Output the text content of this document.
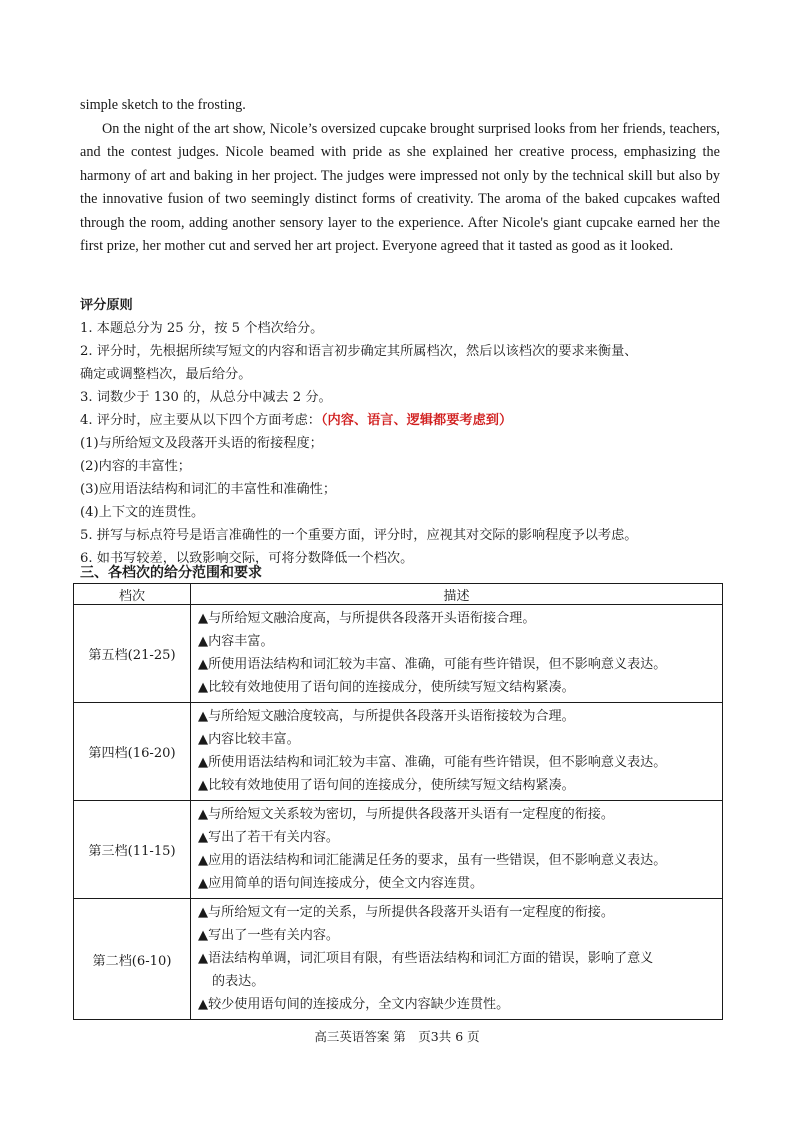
simple sketch to the frosting.

On the night of the art show, Nicole’s oversized cupcake brought surprised looks from her friends, teachers, and the contest judges. Nicole beamed with pride as she explained her creative process, emphasizing the harmony of art and baking in her project. The judges were impressed not only by the technical skill but also by the innovative fusion of two seemingly distinct forms of creativity. The aroma of the baked cupcakes wafted through the room, adding another sensory layer to the experience. After Nicole's giant cupcake earned her the first prize, her mother cut and served her art project. Everyone agreed that it tasted as good as it looked.

评分原则
1. 本题总分为 25 分，按 5 个档次给分。
2. 评分时，先根据所续写短文的内容和语言初步确定其所属档次，然后以该档次的要求来衡量、
确定或调整档次，最后给分。
3. 词数少于 130 的，从总分中减去 2 分。
4. 评分时，应主要从以下四个方面考虑：（内容、语言、逻辑都要考虑到）
(1)与所给短文及段落开头语的衔接程度；
(2)内容的丰富性；
(3)应用语法结构和词汇的丰富性和准确性；
(4)上下文的连贯性。
5. 拼写与标点符号是语言准确性的一个重要方面，评分时，应视其对交际的影响程度予以考虑。
6. 如书写较差，以致影响交际，可将分数降低一个档次。
三、各档次的给分范围和要求
档次	描述
第五档(21-25)	▲与所给短文融洽度高，与所提供各段落开头语衔接合理。
▲内容丰富。
▲所使用语法结构和词汇较为丰富、准确，可能有些许错误，但不影响意义表达。
▲比较有效地使用了语句间的连接成分，使所续写短文结构紧凑。

第四档(16-20)	▲与所给短文融洽度较高，与所提供各段落开头语衔接较为合理。
▲内容比较丰富。
▲所使用语法结构和词汇较为丰富、准确，可能有些许错误，但不影响意义表达。
▲比较有效地使用了语句间的连接成分，使所续写短文结构紧凑。

第三档(11-15)	▲与所给短文关系较为密切，与所提供各段落开头语有一定程度的衔接。
▲写出了若干有关内容。
▲应用的语法结构和词汇能满足任务的要求，虽有一些错误，但不影响意义表达。
▲应用简单的语句间连接成分，使全文内容连贯。

第二档(6-10)	▲与所给短文有一定的关系，与所提供各段落开头语有一定程度的衔接。
▲写出了一些有关内容。
▲语法结构单调，词汇项目有限，有些语法结构和词汇方面的错误，影响了意义
的表达。
▲较少使用语句间的连接成分，全文内容缺少连贯性。
高三英语答案 第　页3共 6 页
